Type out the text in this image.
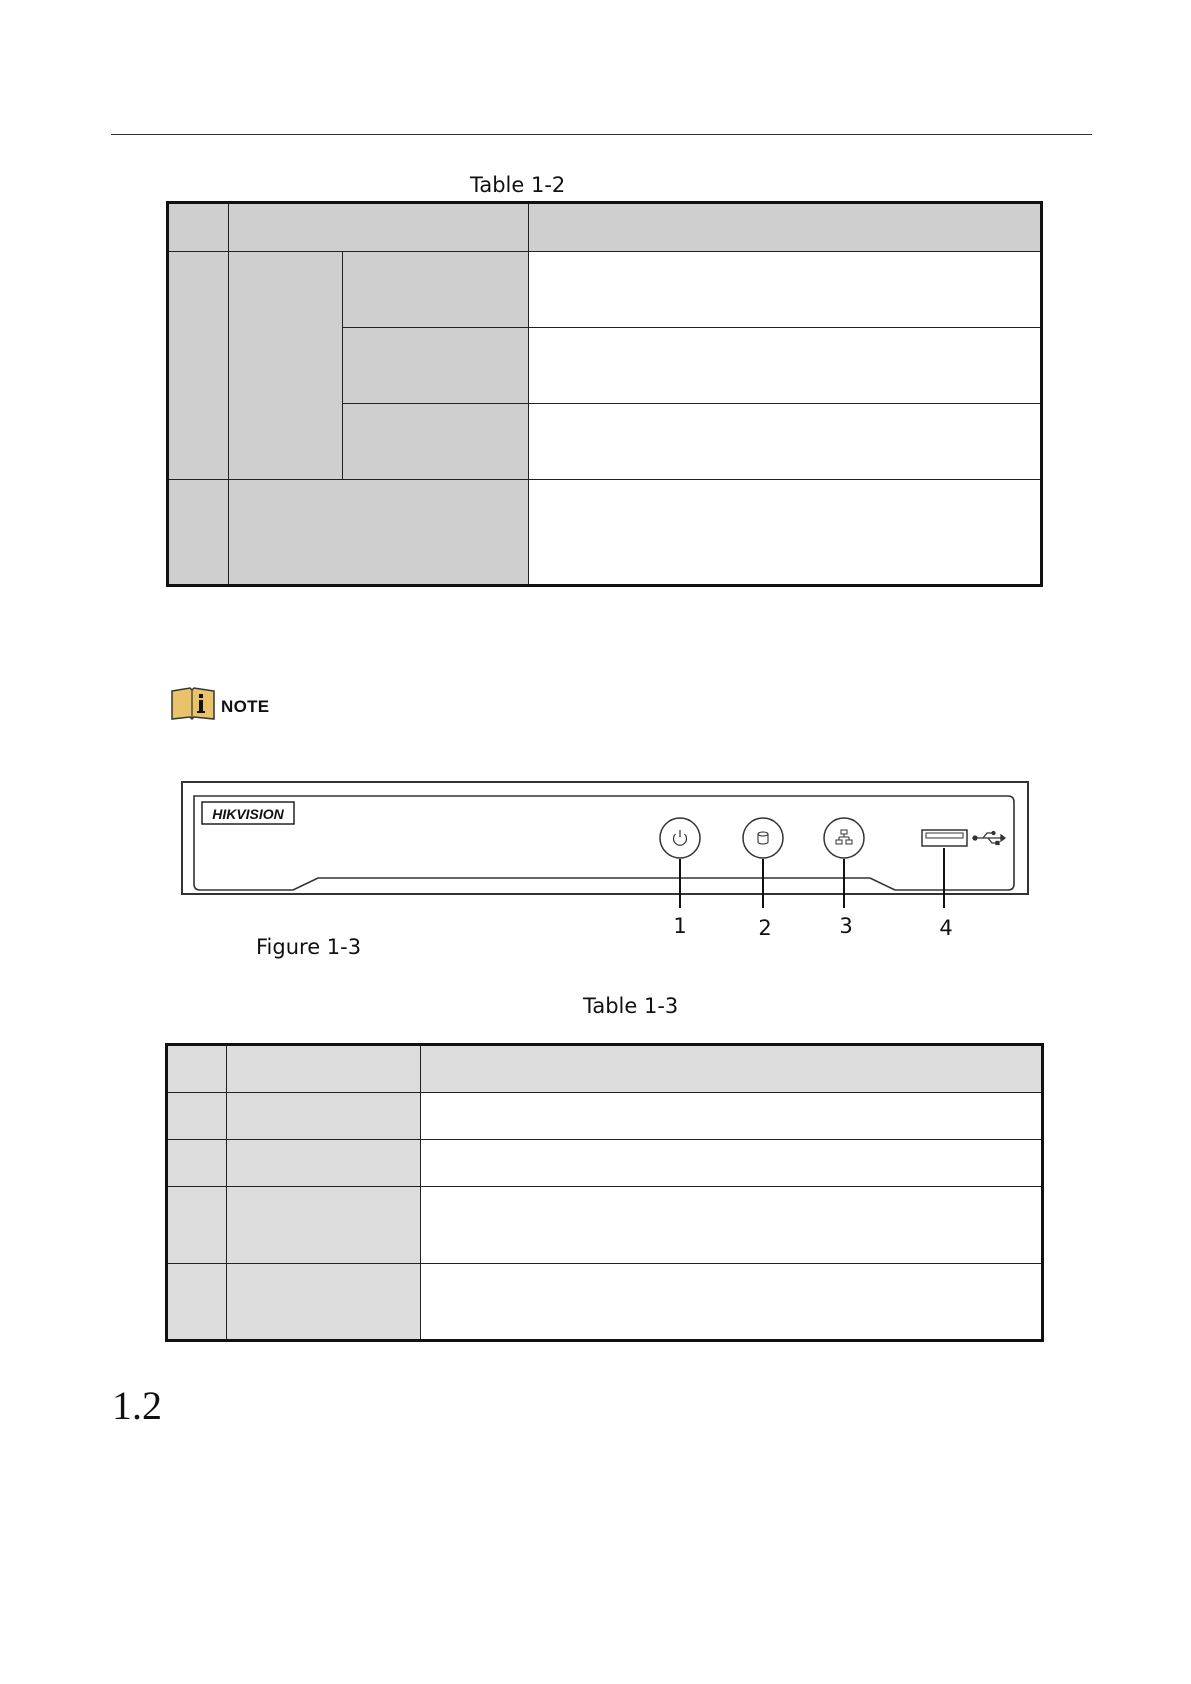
Table 1-2

NOTE
HIKVISION
1	2	3	4
Figure 1-3
Table 1-3

1.2
